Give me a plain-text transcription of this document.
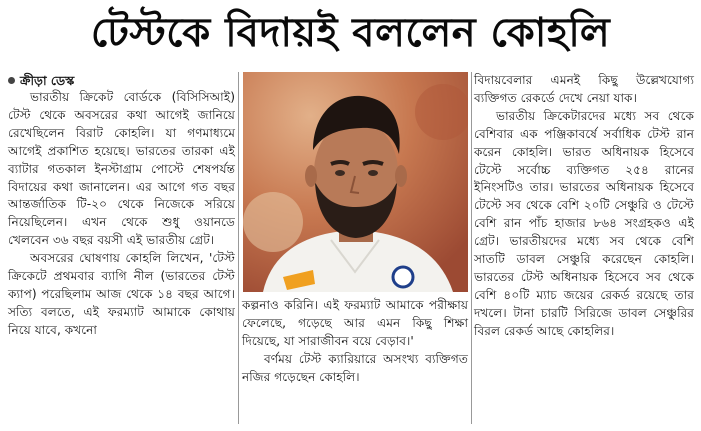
টেস্টকে বিদায়ই বললেন কোহলি
ক্রীড়া ডেস্ক

ভারতীয় ক্রিকেট বোর্ডকে (বিসিসিআই) টেস্ট থেকে অবসরের কথা আগেই জানিয়ে রেখেছিলেন বিরাট কোহলি। যা গণমাধ্যমে আগেই প্রকাশিত হয়েছে। ভারতের তারকা এই ব্যাটার গতকাল ইনস্টাগ্রাম পোস্টে শেষপর্যন্ত বিদায়ের কথা জানালেন। এর আগে গত বছর আন্তর্জাতিক টি-২০ থেকে নিজেকে সরিয়ে নিয়েছিলেন। এখন থেকে শুধু ওয়ানডে খেলবেন ৩৬ বছর বয়সী এই ভারতীয় গ্রেট।

অবসরের ঘোষণায় কোহলি লিখেন, 'টেস্ট ক্রিকেটে প্রথমবার ব্যাগি নীল (ভারতের টেস্ট ক্যাপ) পরেছিলাম আজ থেকে ১৪ বছর আগে। সত্যি বলতে, এই ফরম্যাট আমাকে কোথায় নিয়ে যাবে, কখনো

কল্পনাও করিনি। এই ফরম্যাট আমাকে পরীক্ষায় ফেলেছে, গড়েছে আর এমন কিছু শিক্ষা দিয়েছে, যা সারাজীবন বয়ে বেড়াব।'

বর্ণময় টেস্ট ক্যারিয়ারে অসংখ্য ব্যক্তিগত নজির গড়েছেন কোহলি।

বিদায়বেলার এমনই কিছু উল্লেখযোগ্য ব্যক্তিগত রেকর্ডে দেখে নেয়া যাক।

ভারতীয় ক্রিকেটারদের মধ্যে সব থেকে বেশিবার এক পঞ্জিকাবর্ষে সর্বাধিক টেস্ট রান করেন কোহলি। ভারত অধিনায়ক হিসেবে টেস্টে সর্বোচ্চ ব্যক্তিগত ২৫৪ রানের ইনিংসটিও তার। ভারতের অধিনায়ক হিসেবে টেস্টে সব থেকে বেশি ২০টি সেঞ্চুরি ও টেস্টে বেশি রান পাঁচ হাজার ৮৬৪ সংগ্রহকও এই গ্রেট। ভারতীয়দের মধ্যে সব থেকে বেশি সাতটি ডাবল সেঞ্চুরি করেছেন কোহলি। ভারতের টেস্ট অধিনায়ক হিসেবে সব থেকে বেশি ৪০টি ম্যাচ জয়ের রেকর্ড রয়েছে তার দখলে। টানা চারটি সিরিজে ডাবল সেঞ্চুরির বিরল রেকর্ড আছে কোহলির।
